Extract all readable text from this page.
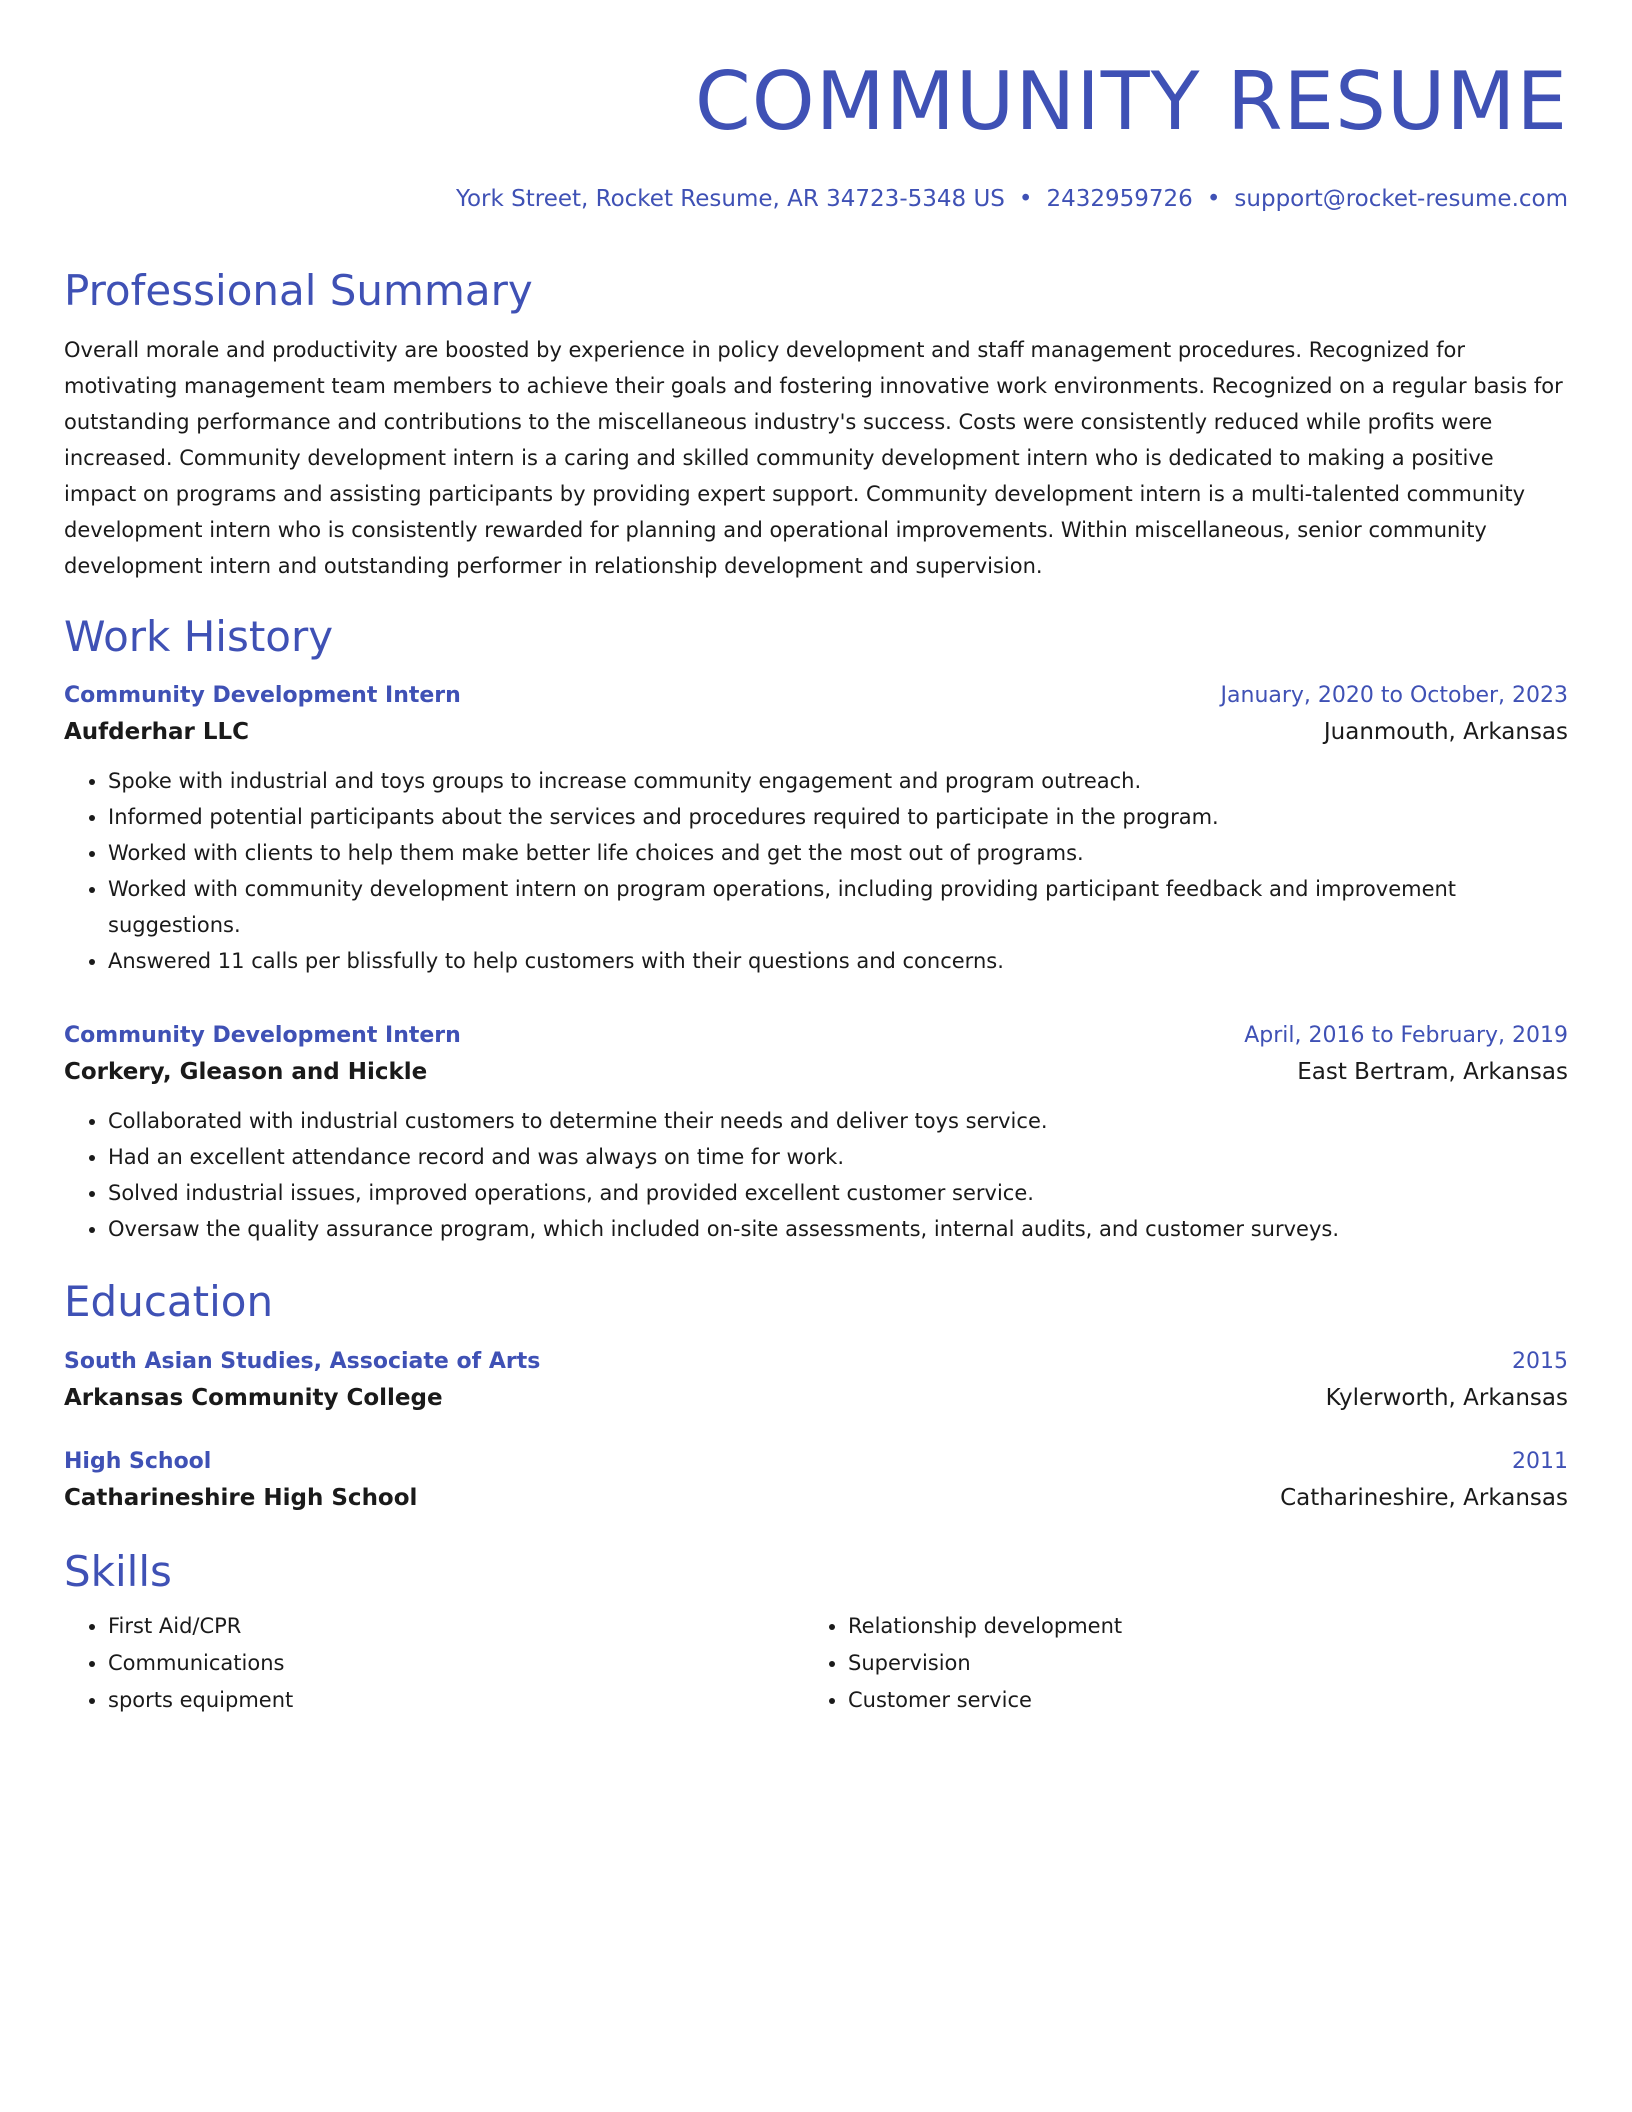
COMMUNITY RESUME
York Street, Rocket Resume, AR 34723-5348 US • 2432959726 • support@rocket-resume.com
Professional Summary
Overall morale and productivity are boosted by experience in policy development and staff management procedures. Recognized for motivating management team members to achieve their goals and fostering innovative work environments. Recognized on a regular basis for outstanding performance and contributions to the miscellaneous industry's success. Costs were consistently reduced while profits were increased. Community development intern is a caring and skilled community development intern who is dedicated to making a positive impact on programs and assisting participants by providing expert support. Community development intern is a multi-talented community development intern who is consistently rewarded for planning and operational improvements. Within miscellaneous, senior community development intern and outstanding performer in relationship development and supervision.
Work History
Community Development Intern	January, 2020 to October, 2023
Aufderhar LLC	Juanmouth, Arkansas
• Spoke with industrial and toys groups to increase community engagement and program outreach.
• Informed potential participants about the services and procedures required to participate in the program.
• Worked with clients to help them make better life choices and get the most out of programs.
• Worked with community development intern on program operations, including providing participant feedback and improvement suggestions.
• Answered 11 calls per blissfully to help customers with their questions and concerns.
Community Development Intern	April, 2016 to February, 2019
Corkery, Gleason and Hickle	East Bertram, Arkansas
• Collaborated with industrial customers to determine their needs and deliver toys service.
• Had an excellent attendance record and was always on time for work.
• Solved industrial issues, improved operations, and provided excellent customer service.
• Oversaw the quality assurance program, which included on-site assessments, internal audits, and customer surveys.
Education
South Asian Studies, Associate of Arts	2015
Arkansas Community College	Kylerworth, Arkansas
High School	2011
Catharineshire High School	Catharineshire, Arkansas
Skills
• First Aid/CPR
• Communications
• sports equipment
• Relationship development
• Supervision
• Customer service
